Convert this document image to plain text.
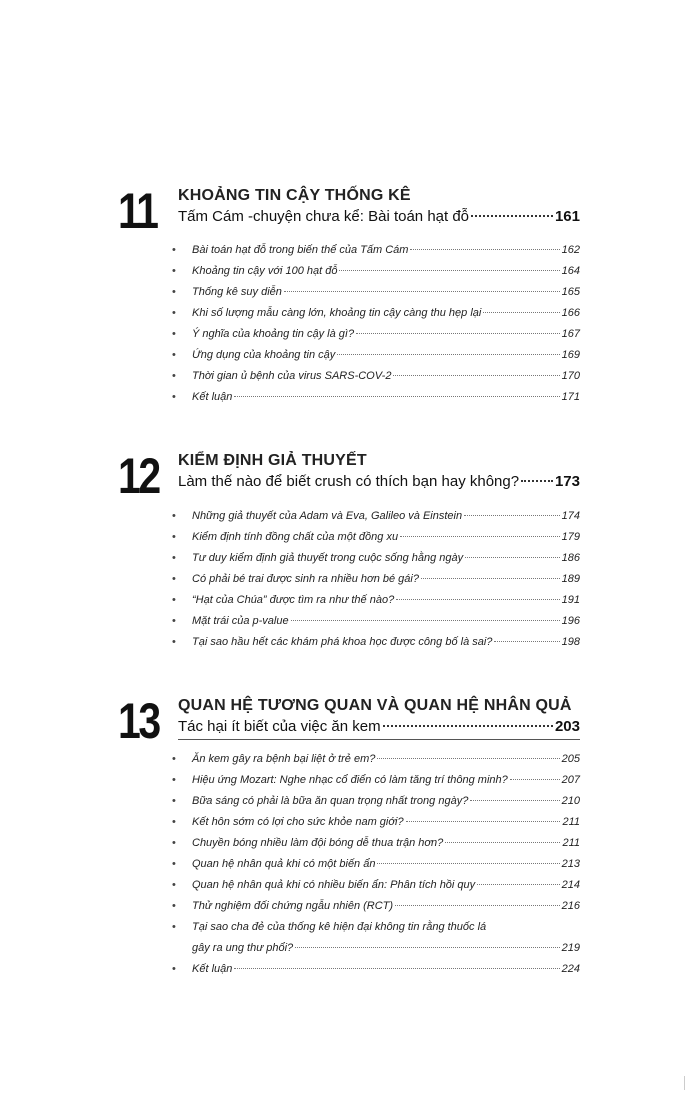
11	KHOẢNG TIN CẬY THỐNG KÊ
Tấm Cám -chuyện chưa kể: Bài toán hạt đỗ	161
•	Bài toán hạt đỗ trong biến thể của Tấm Cám	162
•	Khoảng tin cậy với 100 hạt đỗ	164
•	Thống kê suy diễn	165
•	Khi số lượng mẫu càng lớn, khoảng tin cậy càng thu hẹp lại	166
•	Ý nghĩa của khoảng tin cậy là gì?	167
•	Ứng dụng của khoảng tin cậy	169
•	Thời gian ủ bệnh của virus SARS-COV-2	170
•	Kết luận	171
12	KIỂM ĐỊNH GIẢ THUYẾT
Làm thế nào để biết crush có thích bạn hay không? 173
•	Những giả thuyết của Adam và Eva, Galileo và Einstein	174
•	Kiểm định tính đồng chất của một đồng xu	179
•	Tư duy kiểm định giả thuyết trong cuộc sống hằng ngày	186
•	Có phải bé trai được sinh ra nhiều hơn bé gái?	189
•	“Hạt của Chúa” được tìm ra như thế nào?	191
•	Mặt trái của p-value	196
•	Tại sao hầu hết các khám phá khoa học được công bố là sai?	198
13	QUAN HỆ TƯƠNG QUAN VÀ QUAN HỆ NHÂN QUẢ
Tác hại ít biết của việc ăn kem	203
•	Ăn kem gây ra bệnh bại liệt ở trẻ em?	205
•	Hiệu ứng Mozart: Nghe nhạc cổ điển có làm tăng trí thông minh?	207
•	Bữa sáng có phải là bữa ăn quan trọng nhất trong ngày?	210
•	Kết hôn sớm có lợi cho sức khỏe nam giới?	211
•	Chuyền bóng nhiều làm đội bóng dễ thua trận hơn?	211
•	Quan hệ nhân quả khi có một biến ẩn	213
•	Quan hệ nhân quả khi có nhiều biến ẩn: Phân tích hồi quy	214
•	Thử nghiệm đối chứng ngẫu nhiên (RCT)	216
•	Tại sao cha đẻ của thống kê hiện đại không tin rằng thuốc lá
gây ra ung thư phổi?	219
•	Kết luận	224
